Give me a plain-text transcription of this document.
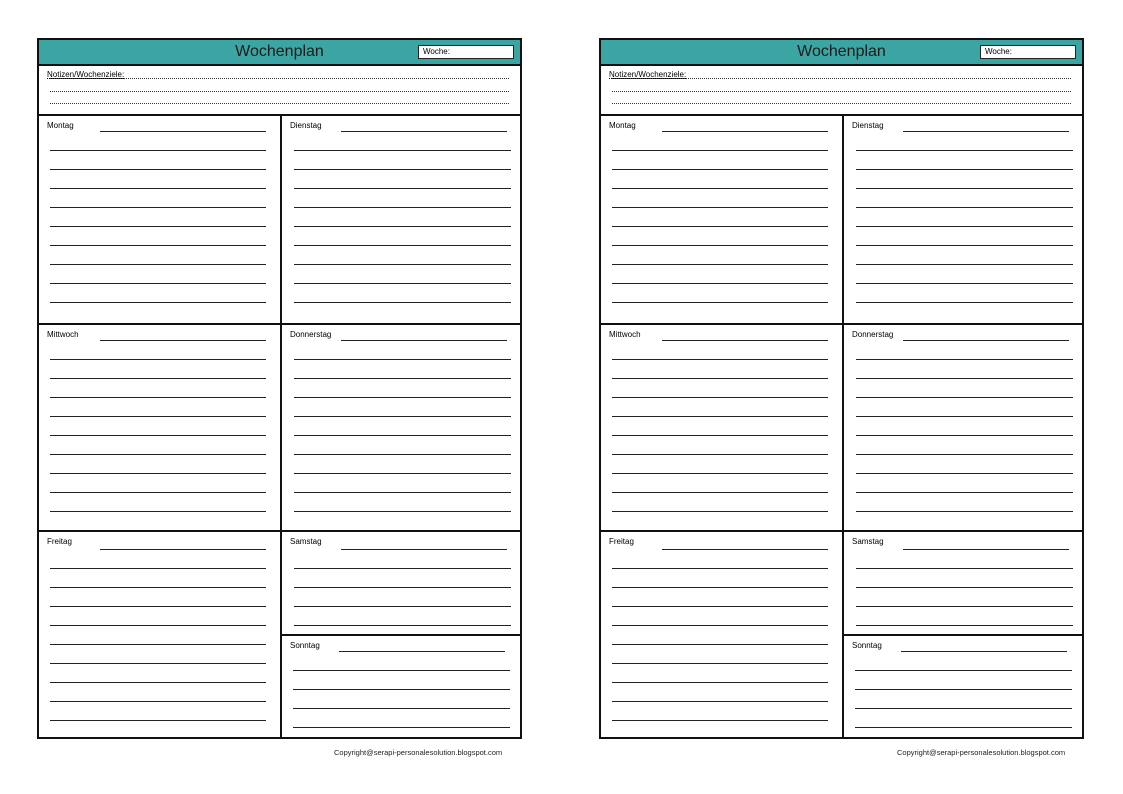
Wochenplan	Woche:
Notizen/Wochenziele:
Montag	Dienstag
Mittwoch	Donnerstag
Freitag	Samstag
Sonntag
Copyright@serapi-personalesolution.blogspot.com
Wochenplan	Woche:
Notizen/Wochenziele:
Montag	Dienstag
Mittwoch	Donnerstag
Freitag	Samstag
Sonntag
Copyright@serapi-personalesolution.blogspot.com
